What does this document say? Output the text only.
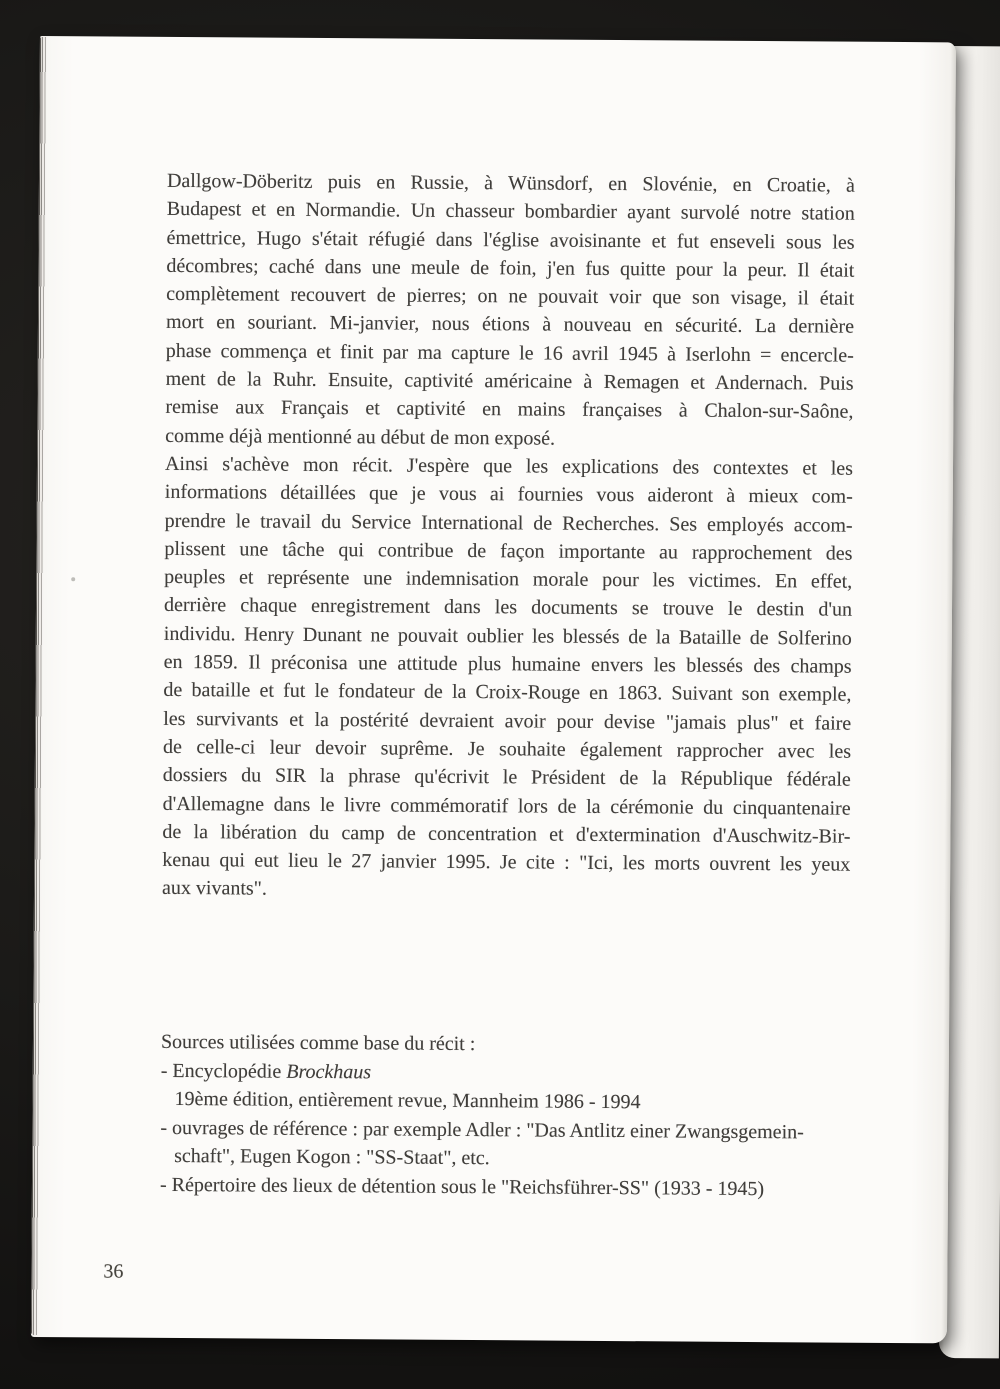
Dallgow-Döberitz puis en Russie, à Wünsdorf, en Slovénie, en Croatie, à
Budapest et en Normandie. Un chasseur bombardier ayant survolé notre station
émettrice, Hugo s'était réfugié dans l'église avoisinante et fut enseveli sous les
décombres; caché dans une meule de foin, j'en fus quitte pour la peur. Il était
complètement recouvert de pierres; on ne pouvait voir que son visage, il était
mort en souriant. Mi-janvier, nous étions à nouveau en sécurité. La dernière
phase commença et finit par ma capture le 16 avril 1945 à Iserlohn = encercle-
ment de la Ruhr. Ensuite, captivité américaine à Remagen et Andernach. Puis
remise aux Français et captivité en mains françaises à Chalon-sur-Saône,
comme déjà mentionné au début de mon exposé.
Ainsi s'achève mon récit. J'espère que les explications des contextes et les
informations détaillées que je vous ai fournies vous aideront à mieux com-
prendre le travail du Service International de Recherches. Ses employés accom-
plissent une tâche qui contribue de façon importante au rapprochement des
peuples et représente une indemnisation morale pour les victimes. En effet,
derrière chaque enregistrement dans les documents se trouve le destin d'un
individu. Henry Dunant ne pouvait oublier les blessés de la Bataille de Solferino
en 1859. Il préconisa une attitude plus humaine envers les blessés des champs
de bataille et fut le fondateur de la Croix-Rouge en 1863. Suivant son exemple,
les survivants et la postérité devraient avoir pour devise "jamais plus" et faire
de celle-ci leur devoir suprême. Je souhaite également rapprocher avec les
dossiers du SIR la phrase qu'écrivit le Président de la République fédérale
d'Allemagne dans le livre commémoratif lors de la cérémonie du cinquantenaire
de la libération du camp de concentration et d'extermination d'Auschwitz-Bir-
kenau qui eut lieu le 27 janvier 1995. Je cite : "Ici, les morts ouvrent les yeux
aux vivants".
Sources utilisées comme base du récit :
- Encyclopédie Brockhaus
19ème édition, entièrement revue, Mannheim 1986 - 1994
- ouvrages de référence : par exemple Adler : "Das Antlitz einer Zwangsgemein-
schaft", Eugen Kogon : "SS-Staat", etc.
- Répertoire des lieux de détention sous le "Reichsführer-SS" (1933 - 1945)
36
